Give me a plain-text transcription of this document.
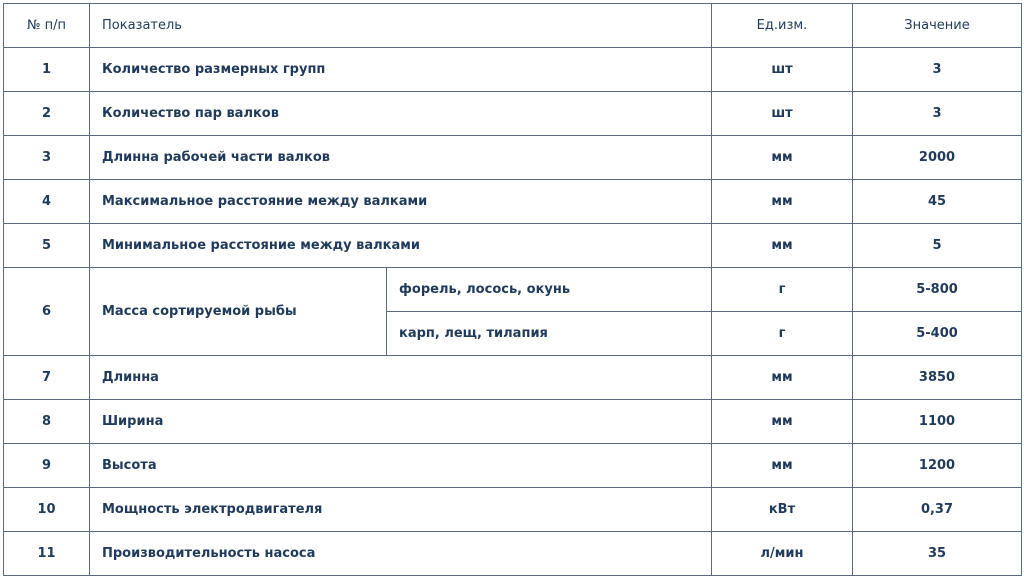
№ п/п	Показатель		Ед.изм.	Значение
1	Количество размерных групп		шт	3
2	Количество пар валков		шт	3
3	Длинна рабочей части валков		мм	2000
4	Максимальное расстояние между валками		мм	45
5	Минимальное расстояние между валками		мм	5
6	Масса сортируемой рыбы	форель, лосось, окунь	г	5-800
		карп, лещ, тилапия	г	5-400
7	Длинна		мм	3850
8	Ширина		мм	1100
9	Высота		мм	1200
10	Мощность электродвигателя		кВт	0,37
11	Производительность насоса		л/мин	35
